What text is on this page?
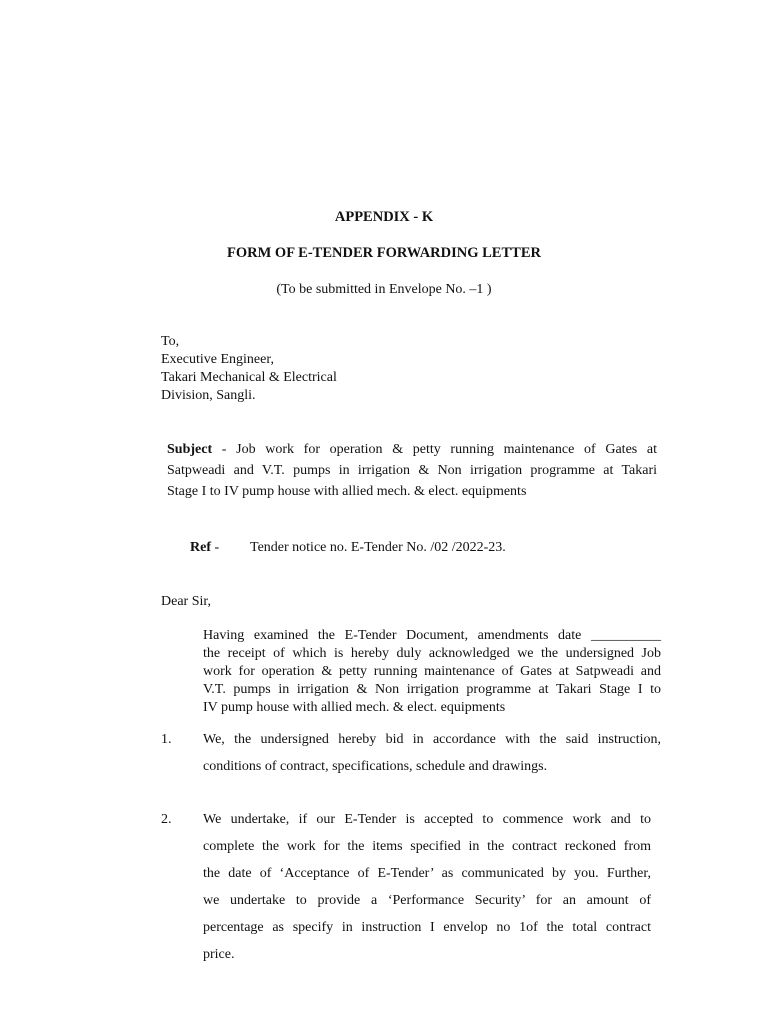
APPENDIX - K
FORM OF E-TENDER FORWARDING LETTER
(To be submitted in Envelope No. –1 )
To,
Executive Engineer,
Takari Mechanical & Electrical
Division, Sangli.
Subject - Job work for operation & petty running maintenance of Gates at
Satpweadi and V.T. pumps in irrigation & Non irrigation programme at Takari
Stage I to IV pump house with allied mech. & elect. equipments
Ref - Tender notice no. E-Tender No. /02 /2022-23.
Dear Sir,
Having examined the E-Tender Document, amendments date __________
the receipt of which is hereby duly acknowledged we the undersigned Job
work for operation & petty running maintenance of Gates at Satpweadi and
V.T. pumps in irrigation & Non irrigation programme at Takari Stage I to
IV pump house with allied mech. & elect. equipments
1. We, the undersigned hereby bid in accordance with the said instruction,
conditions of contract, specifications, schedule and drawings.
2. We undertake, if our E-Tender is accepted to commence work and to
complete the work for the items specified in the contract reckoned from
the date of ‘Acceptance of E-Tender’ as communicated by you. Further,
we undertake to provide a ‘Performance Security’ for an amount of
percentage as specify in instruction I envelop no 1of the total contract
price.
